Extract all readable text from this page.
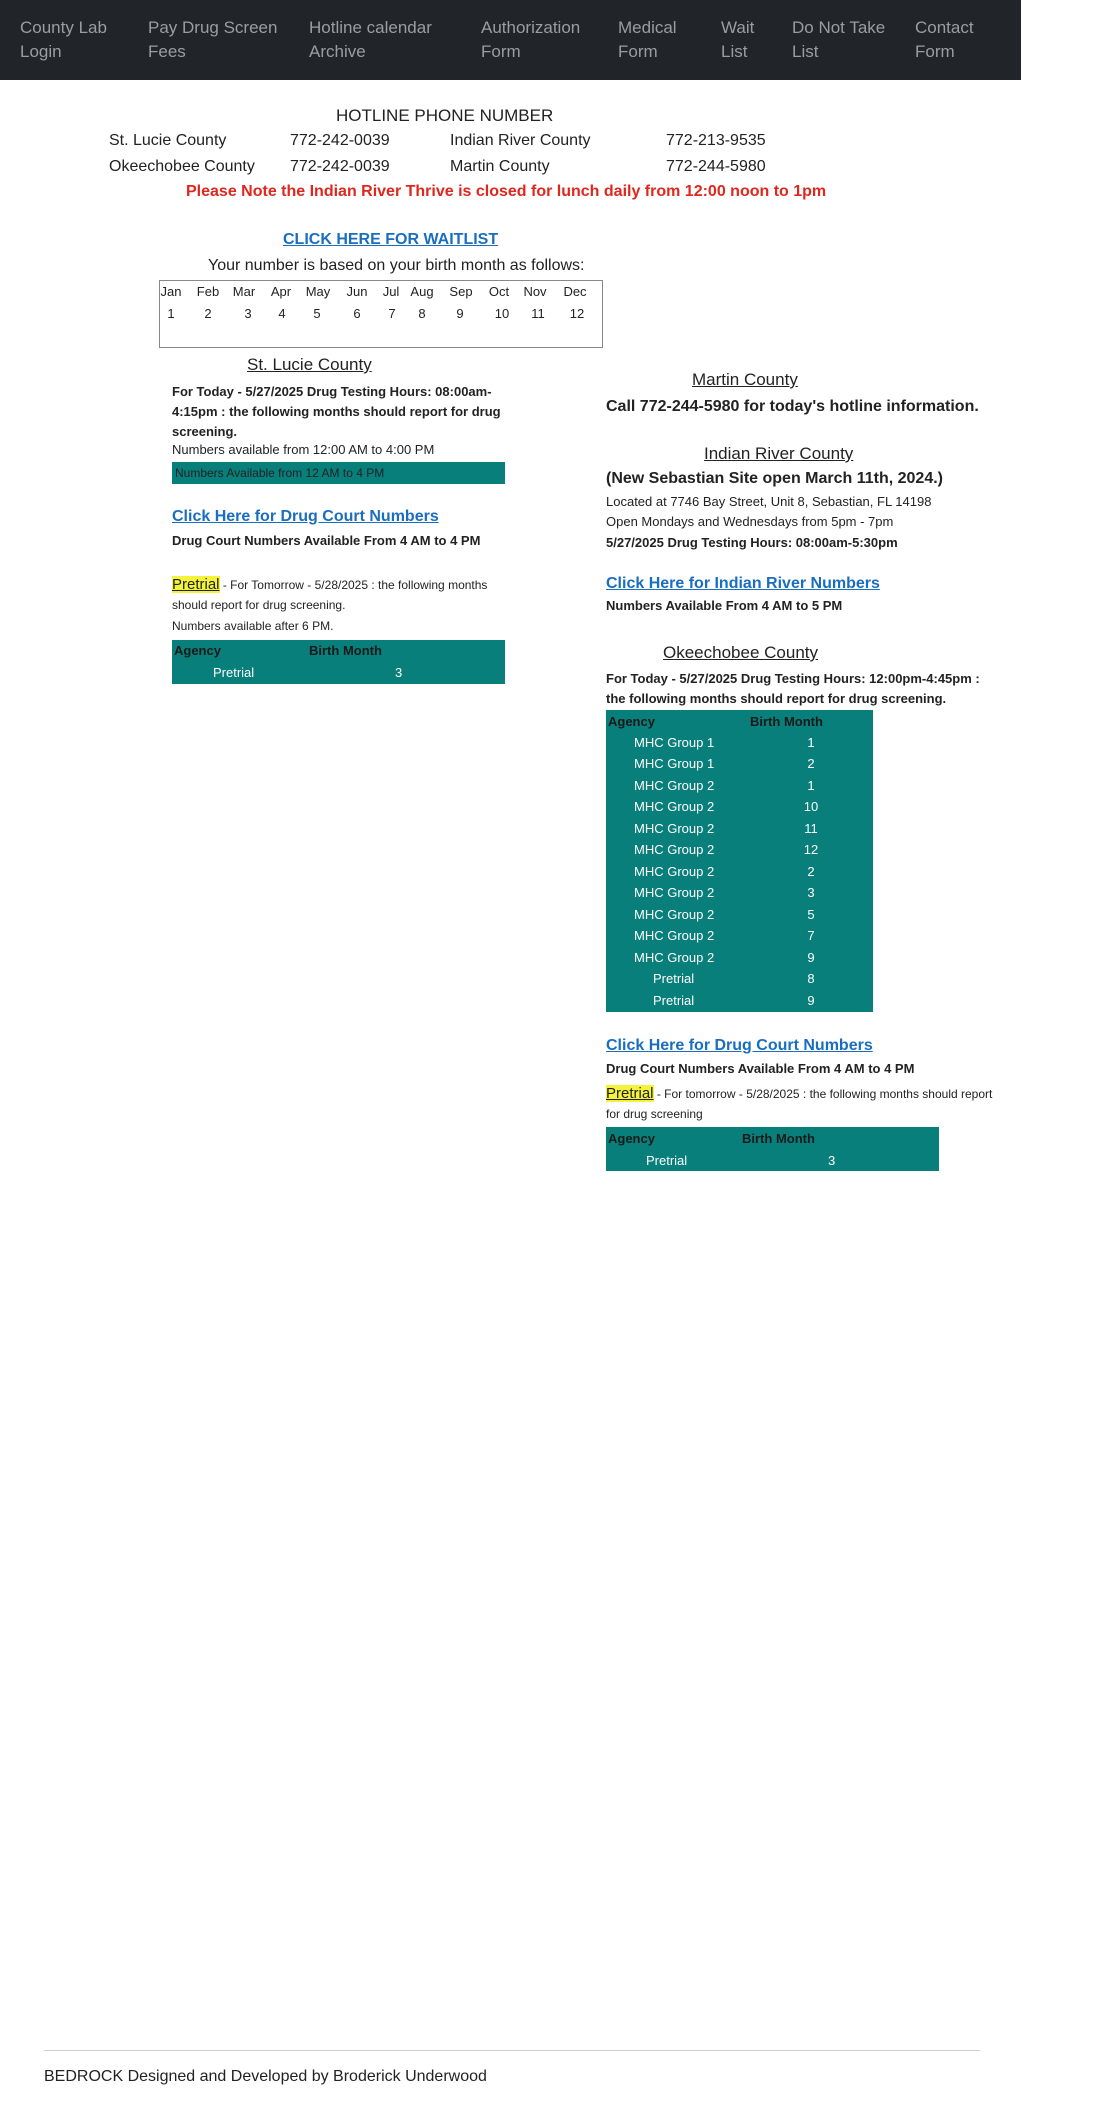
County Lab Login
Pay Drug Screen Fees
Hotline calendar Archive
Authorization Form
Medical Form
Wait List
Do Not Take List
Contact Form
HOTLINE PHONE NUMBER
St. Lucie County	772-242-0039	Indian River County	772-213-9535
Okeechobee County 772-242-0039	Martin County	772-244-5980
Please Note the Indian River Thrive is closed for lunch daily from 12:00 noon to 1pm
CLICK HERE FOR WAITLIST
Your number is based on your birth month as follows:
Jan	Feb Mar	Apr	May	Jun	Jul Aug Sep	Oct	Nov Dec
1	2	3	4	5	6	7	8	9	10	11	12
St. Lucie County
For Today - 5/27/2025 Drug Testing Hours: 08:00am-4:15pm : the following months should report for drug screening.
Numbers available from 12:00 AM to 4:00 PM
Numbers Available from 12 AM to 4 PM
Click Here for Drug Court Numbers
Drug Court Numbers Available From 4 AM to 4 PM
Pretrial - For Tomorrow - 5/28/2025 : the following months should report for drug screening.
Numbers available after 6 PM.
Agency	Birth Month
Pretrial	3
Martin County
Call 772-244-5980 for today's hotline information.
Indian River County
(New Sebastian Site open March 11th, 2024.)
Located at 7746 Bay Street, Unit 8, Sebastian, FL 14198
Open Mondays and Wednesdays from 5pm - 7pm
5/27/2025 Drug Testing Hours: 08:00am-5:30pm
Click Here for Indian River Numbers
Numbers Available From 4 AM to 5 PM
Okeechobee County
For Today - 5/27/2025 Drug Testing Hours: 12:00pm-4:45pm : the following months should report for drug screening.
Agency	Birth Month
MHC Group 1	1
MHC Group 1	2
MHC Group 2	1
MHC Group 2	10
MHC Group 2	11
MHC Group 2	12
MHC Group 2	2
MHC Group 2	3
MHC Group 2	5
MHC Group 2	7
MHC Group 2	9
Pretrial	8
Pretrial	9
Click Here for Drug Court Numbers
Drug Court Numbers Available From 4 AM to 4 PM
Pretrial - For tomorrow - 5/28/2025 : the following months should report for drug screening
Agency	Birth Month
Pretrial	3
BEDROCK Designed and Developed by Broderick Underwood
